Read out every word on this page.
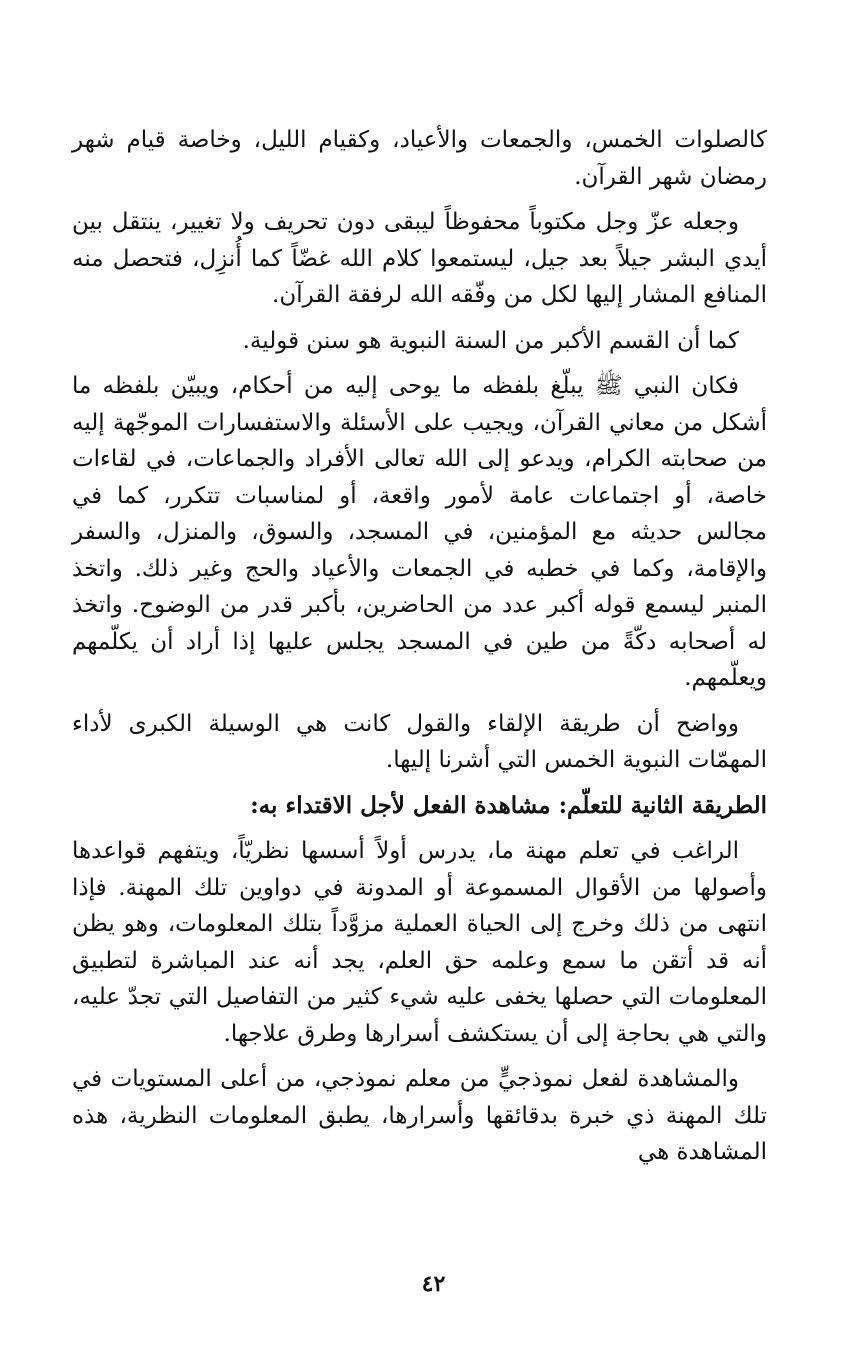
كالصلوات الخمس، والجمعات والأعياد، وكقيام الليل، وخاصة قيام شهر رمضان شهر القرآن.

وجعله عزّ وجل مكتوباً محفوظاً ليبقى دون تحريف ولا تغيير، ينتقل بين أيدي البشر جيلاً بعد جيل، ليستمعوا كلام الله غضّاً كما أُنزِل، فتحصل منه المنافع المشار إليها لكل من وفّقه الله لرفقة القرآن.

كما أن القسم الأكبر من السنة النبوية هو سنن قولية.

فكان النبي ﷺ يبلّغ بلفظه ما يوحى إليه من أحكام، ويبيّن بلفظه ما أشكل من معاني القرآن، ويجيب على الأسئلة والاستفسارات الموجّهة إليه من صحابته الكرام، ويدعو إلى الله تعالى الأفراد والجماعات، في لقاءات خاصة، أو اجتماعات عامة لأمور واقعة، أو لمناسبات تتكرر، كما في مجالس حديثه مع المؤمنين، في المسجد، والسوق، والمنزل، والسفر والإقامة، وكما في خطبه في الجمعات والأعياد والحج وغير ذلك. واتخذ المنبر ليسمع قوله أكبر عدد من الحاضرين، بأكبر قدر من الوضوح. واتخذ له أصحابه دكّةً من طين في المسجد يجلس عليها إذا أراد أن يكلّمهم ويعلّمهم.

وواضح أن طريقة الإلقاء والقول كانت هي الوسيلة الكبرى لأداء المهمّات النبوية الخمس التي أشرنا إليها.

الطريقة الثانية للتعلّم: مشاهدة الفعل لأجل الاقتداء به:

الراغب في تعلم مهنة ما، يدرس أولاً أسسها نظريّاً، ويتفهم قواعدها وأصولها من الأقوال المسموعة أو المدونة في دواوين تلك المهنة. فإذا انتهى من ذلك وخرج إلى الحياة العملية مزوَّداً بتلك المعلومات، وهو يظن أنه قد أتقن ما سمع وعلمه حق العلم، يجد أنه عند المباشرة لتطبيق المعلومات التي حصلها يخفى عليه شيء كثير من التفاصيل التي تجدّ عليه، والتي هي بحاجة إلى أن يستكشف أسرارها وطرق علاجها.

والمشاهدة لفعل نموذجيٍّ من معلم نموذجي، من أعلى المستويات في تلك المهنة ذي خبرة بدقائقها وأسرارها، يطبق المعلومات النظرية، هذه المشاهدة هي

٤٢
